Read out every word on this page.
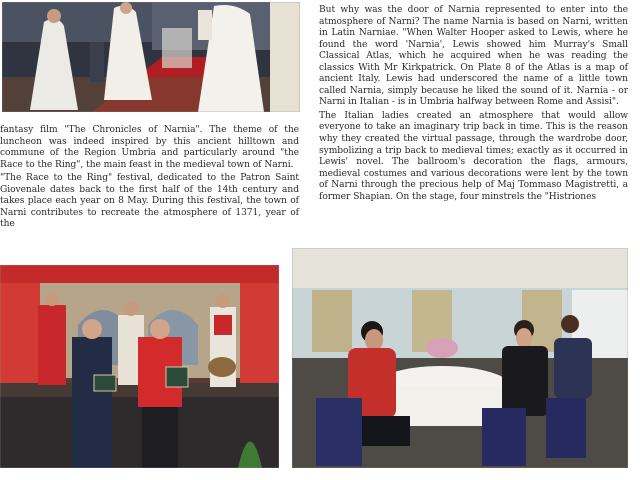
fantasy film "The Chronicles of Narnia". The theme of the luncheon was indeed inspired by this ancient hilltown and commune of the Region Umbria and particularly around "the Race to the Ring", the main feast in the medieval town of Narni.

"The Race to the Ring" festival, dedicated to the Patron Saint Giovenale dates back to the first half of the 14th century and takes place each year on 8 May. During this festival, the town of Narni contributes to recreate the atmosphere of 1371, year of the

But why was the door of Narnia represented to enter into the atmosphere of Narni? The name Narnia is based on Narni, written in Latin Narniae. "When Walter Hooper asked to Lewis, where he found the word 'Narnia', Lewis showed him Murray's Small Classical Atlas, which he acquired when he was reading the classics With Mr Kirkpatrick. On Plate 8 of the Atlas is a map of ancient Italy. Lewis had underscored the name of a little town called Narnia, simply because he liked the sound of it. Narnia - or Narni in Italian - is in Umbria halfway between Rome and Assisi".

The Italian ladies created an atmosphere that would allow everyone to take an imaginary trip back in time. This is the reason why they created the virtual passage, through the wardrobe door, symbolizing a trip back to medieval times; exactly as it occurred in Lewis' novel. The ballroom's decoration the flags, armours, medieval costumes and various decorations were lent by the town of Narni through the precious help of Maj Tommaso Magistretti, a former Shapian. On the stage, four minstrels the "Histriones
